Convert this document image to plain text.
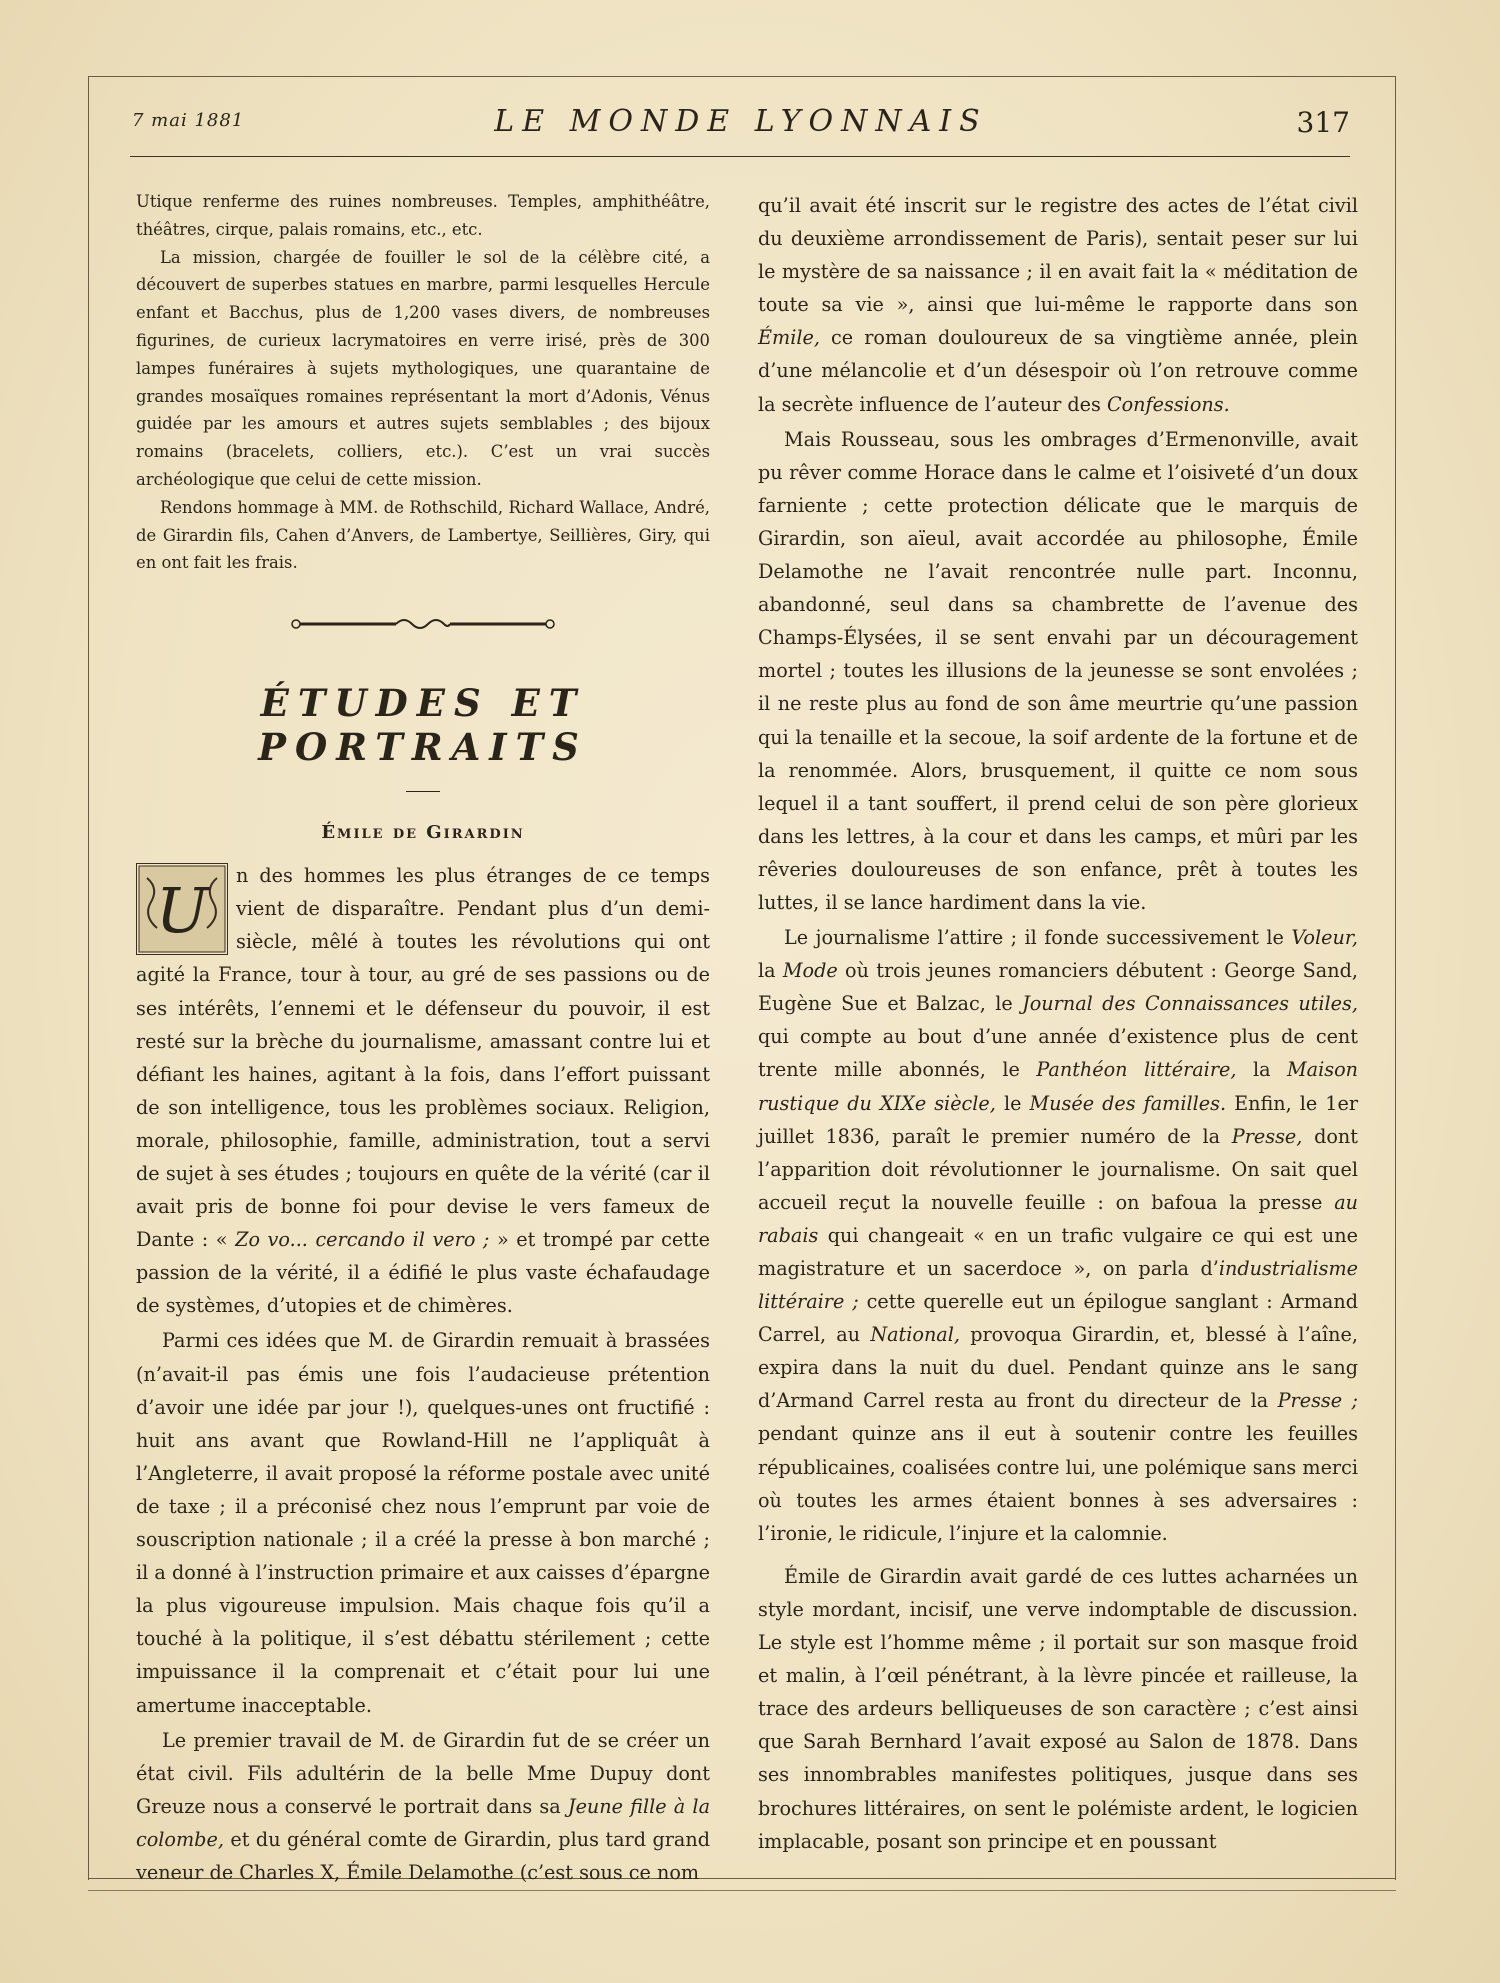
7 mai 1881	LE MONDE LYONNAIS	317

Utique renferme des ruines nombreuses. Temples, amphithéâtre, théâtres, cirque, palais romains, etc., etc.

La mission, chargée de fouiller le sol de la célèbre cité, a découvert de superbes statues en marbre, parmi lesquelles Hercule enfant et Bacchus, plus de 1,200 vases divers, de nombreuses figurines, de curieux lacrymatoires en verre irisé, près de 300 lampes funéraires à sujets mythologiques, une quarantaine de grandes mosaïques romaines représentant la mort d’Adonis, Vénus guidée par les amours et autres sujets semblables ; des bijoux romains (bracelets, colliers, etc.). C’est un vrai succès archéologique que celui de cette mission.

Rendons hommage à MM. de Rothschild, Richard Wallace, André, de Girardin fils, Cahen d’Anvers, de Lambertye, Seillières, Giry, qui en ont fait les frais.

ÉTUDES ET PORTRAITS
Émile de Girardin
U	n des hommes les plus étranges de ce temps vient de disparaître. Pendant plus d’un demi-siècle, mêlé à toutes les révolutions qui ont agité la France, tour à tour, au gré de ses passions ou de ses intérêts, l’ennemi et le défenseur du pouvoir, il est resté sur la brèche du journalisme, amassant contre lui et défiant les haines, agitant à la fois, dans l’effort puissant de son intelligence, tous les problèmes sociaux. Religion, morale, philosophie, famille, administration, tout a servi de sujet à ses études ; toujours en quête de la vérité (car il avait pris de bonne foi pour devise le vers fameux de Dante : « Zo vo... cercando il vero ; » et trompé par cette passion de la vérité, il a édifié le plus vaste échafaudage de systèmes, d’utopies et de chimères.

Parmi ces idées que M. de Girardin remuait à brassées (n’avait-il pas émis une fois l’audacieuse prétention d’avoir une idée par jour !), quelques-unes ont fructifié : huit ans avant que Rowland-Hill ne l’appliquât à l’Angleterre, il avait proposé la réforme postale avec unité de taxe ; il a préconisé chez nous l’emprunt par voie de souscription nationale ; il a créé la presse à bon marché ; il a donné à l’instruction primaire et aux caisses d’épargne la plus vigoureuse impulsion. Mais chaque fois qu’il a touché à la politique, il s’est débattu stérilement ; cette impuissance il la comprenait et c’était pour lui une amertume inacceptable.

Le premier travail de M. de Girardin fut de se créer un état civil. Fils adultérin de la belle Mme Dupuy dont Greuze nous a conservé le portrait dans sa Jeune fille à la colombe, et du général comte de Girardin, plus tard grand veneur de Charles X, Émile Delamothe (c’est sous ce nom

qu’il avait été inscrit sur le registre des actes de l’état civil du deuxième arrondissement de Paris), sentait peser sur lui le mystère de sa naissance ; il en avait fait la « méditation de toute sa vie », ainsi que lui-même le rapporte dans son Émile, ce roman douloureux de sa vingtième année, plein d’une mélancolie et d’un désespoir où l’on retrouve comme la secrète influence de l’auteur des Confessions.

Mais Rousseau, sous les ombrages d’Ermenonville, avait pu rêver comme Horace dans le calme et l’oisiveté d’un doux farniente ; cette protection délicate que le marquis de Girardin, son aïeul, avait accordée au philosophe, Émile Delamothe ne l’avait rencontrée nulle part. Inconnu, abandonné, seul dans sa chambrette de l’avenue des Champs-Élysées, il se sent envahi par un découragement mortel ; toutes les illusions de la jeunesse se sont envolées ; il ne reste plus au fond de son âme meurtrie qu’une passion qui la tenaille et la secoue, la soif ardente de la fortune et de la renommée. Alors, brusquement, il quitte ce nom sous lequel il a tant souffert, il prend celui de son père glorieux dans les lettres, à la cour et dans les camps, et mûri par les rêveries douloureuses de son enfance, prêt à toutes les luttes, il se lance hardiment dans la vie.

Le journalisme l’attire ; il fonde successivement le Voleur, la Mode où trois jeunes romanciers débutent : George Sand, Eugène Sue et Balzac, le Journal des Connaissances utiles, qui compte au bout d’une année d’existence plus de cent trente mille abonnés, le Panthéon littéraire, la Maison rustique du XIXe siècle, le Musée des familles. Enfin, le 1er juillet 1836, paraît le premier numéro de la Presse, dont l’apparition doit révolutionner le journalisme. On sait quel accueil reçut la nouvelle feuille : on bafoua la presse au rabais qui changeait « en un trafic vulgaire ce qui est une magistrature et un sacerdoce », on parla d’industrialisme littéraire ; cette querelle eut un épilogue sanglant : Armand Carrel, au National, provoqua Girardin, et, blessé à l’aîne, expira dans la nuit du duel. Pendant quinze ans le sang d’Armand Carrel resta au front du directeur de la Presse ; pendant quinze ans il eut à soutenir contre les feuilles républicaines, coalisées contre lui, une polémique sans merci où toutes les armes étaient bonnes à ses adversaires : l’ironie, le ridicule, l’injure et la calomnie.

Émile de Girardin avait gardé de ces luttes acharnées un style mordant, incisif, une verve indomptable de discussion. Le style est l’homme même ; il portait sur son masque froid et malin, à l’œil pénétrant, à la lèvre pincée et railleuse, la trace des ardeurs belliqueuses de son caractère ; c’est ainsi que Sarah Bernhard l’avait exposé au Salon de 1878. Dans ses innombrables manifestes politiques, jusque dans ses brochures littéraires, on sent le polémiste ardent, le logicien implacable, posant son principe et en poussant
